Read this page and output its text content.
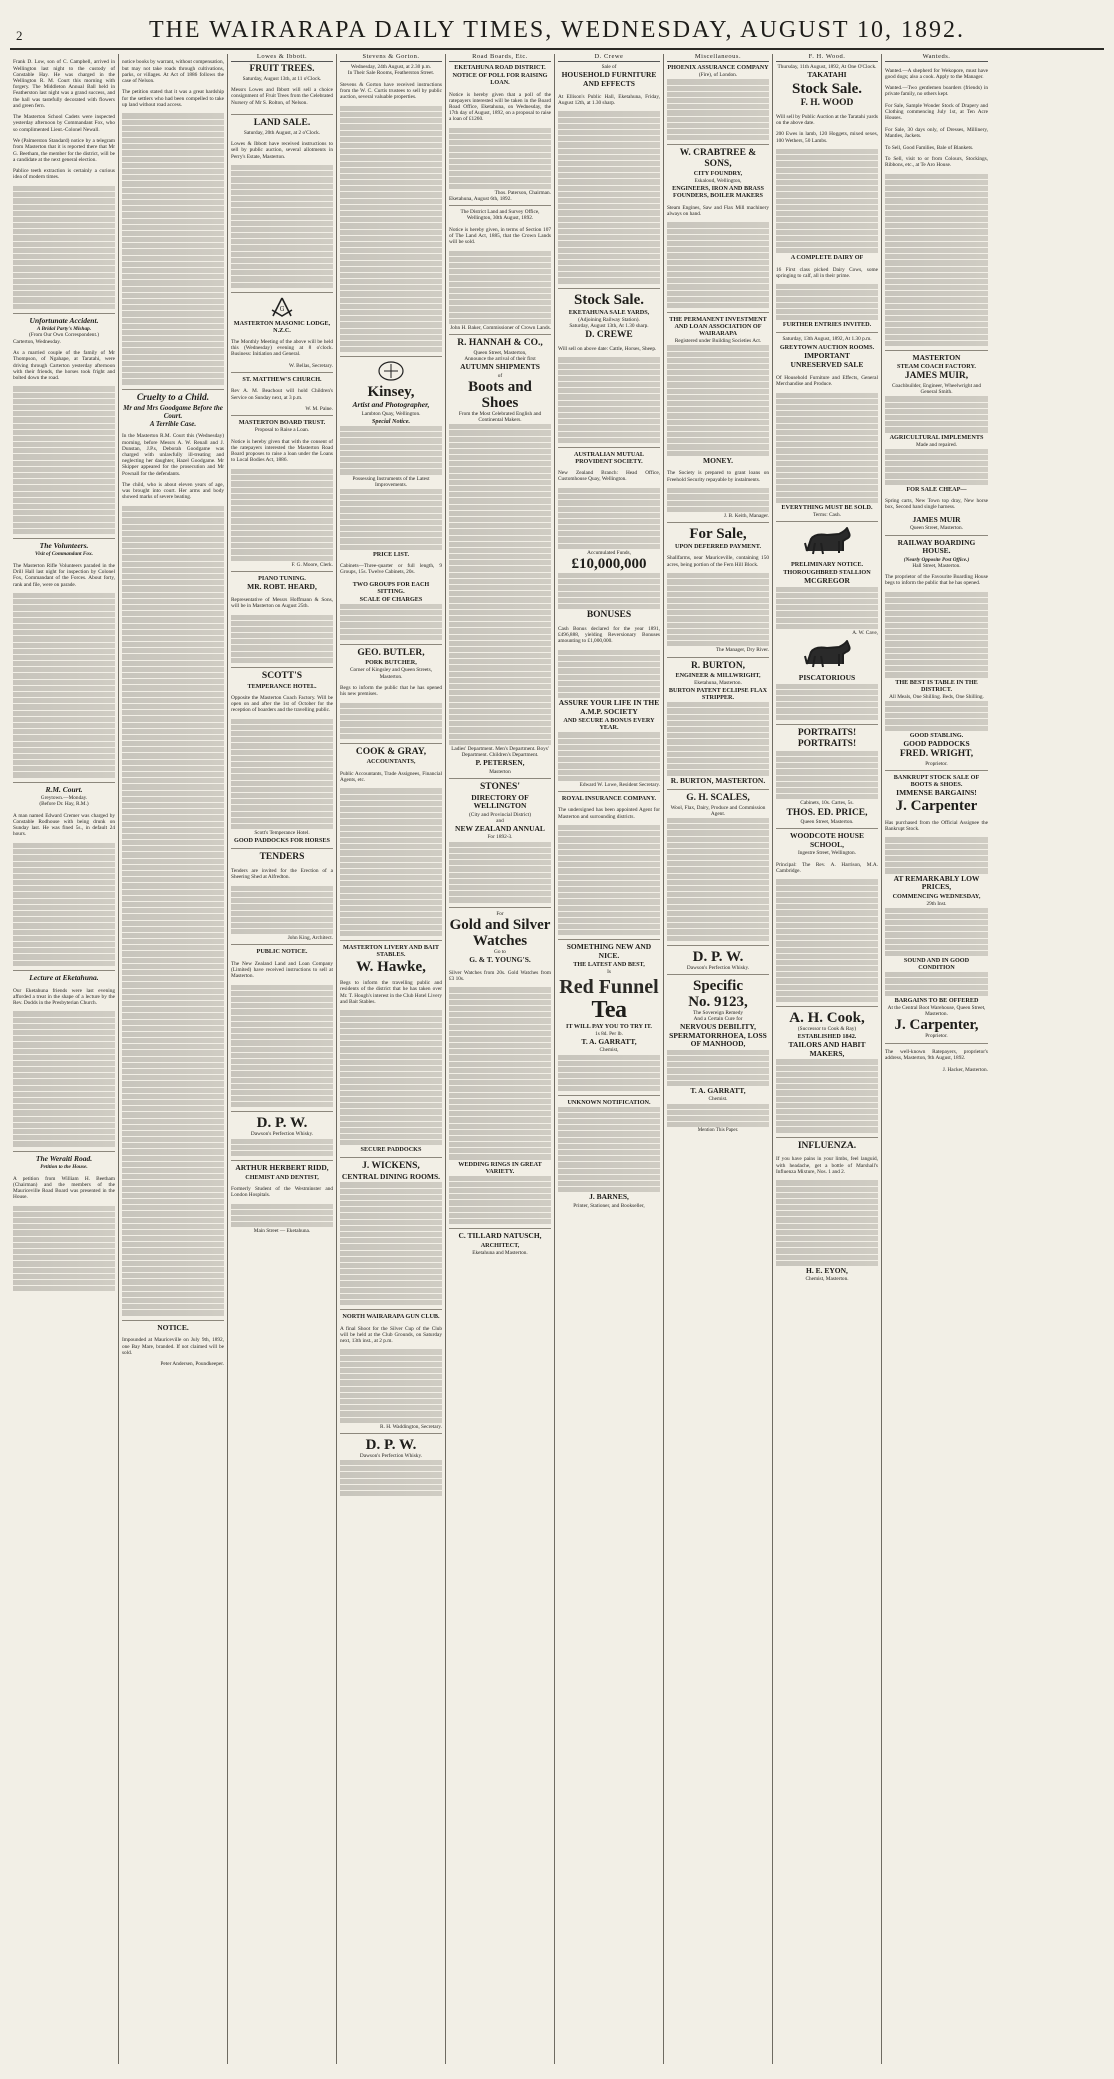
2	THE WAIRARAPA DAILY TIMES, WEDNESDAY, AUGUST 10, 1892.

Frank D. Low, son of C. Campbell, arrived in Wellington last night to the custody of Constable Hay. He was charged in the Wellington R. M. Court this morning with forgery. The Middleton Annual Ball held in Featherston last night was a grand success, and the hall was tastefully decorated with flowers and green fern.

The Masterton School Cadets were inspected yesterday afternoon by Commandant Fox, who so complimented Lieut.-Colonel Newall.

We (Palmerston Standard) notice by a telegram from Masterton that it is reported there that Mr G. Beetham, the member for the district, will be a candidate at the next general election.

Pablice teeth extraction is certainly a curious idea of modern times.

Unfortunate Accident.
A Bridal Party's Mishap.
(From Our Own Correspondent.)
Carterton, Wednesday.

As a married couple of the family of Mr Thompson, of Ngahape, at Taratahi, were driving through Carterton yesterday afternoon with their friends, the horses took fright and bolted down the road.

The Volunteers.
Visit of Commandant Fox.

The Masterton Rifle Volunteers paraded in the Drill Hall last night for inspection by Colonel Fox, Commandant of the Forces. About forty, rank and file, were on parade.

R.M. Court.
Greytown.—Monday.
(Before Dr. Hay, R.M.)

A man named Edward Cremer was charged by Constable Rodhouse with being drunk on Sunday last. He was fined 5s., in default 24 hours.

Lecture at Eketahuna.

Our Eketahuna friends were last evening afforded a treat in the shape of a lecture by the Rev. Dodds in the Presbyterian Church.

The Weraiti Road.
Petition to the House.

A petition from William H. Beetham (Chairman) and the members of the Mauriceville Road Board was presented in the House.

notice books by warrant, without compensation, but may not take roads through cultivations, parks, or villages. At Act of 1886 follows the case of Nelson.

The petition stated that it was a great hardship for the settlers who had been compelled to take up land without road access.

Cruelty to a Child.
Mr and Mrs Goodgame Before the Court.
A Terrible Case.

In the Masterton R.M. Court this (Wednesday) morning, before Messrs A. W. Renall and J. Dunstan, J.P.s, Deborah Goodgame was charged with unlawfully ill-treating and neglecting her daughter, Hazel Goodgame. Mr Skipper appeared for the prosecution and Mr Pownall for the defendants.

The child, who is about eleven years of age, was brought into court. Her arms and body showed marks of severe beating.

NOTICE.

Impounded at Mauriceville on July 9th, 1892, one Bay Mare, branded. If not claimed will be sold.

Peter Andersen, Poundkeeper.
Lowes & Ibbott.
FRUIT TREES.
Saturday, August 13th, at 11 o'Clock.

Messrs Lowes and Ibbott will sell a choice consignment of Fruit Trees from the Celebrated Nursery of Mr S. Rolton, of Nelson.

LAND SALE.
Saturday, 20th August, at 2 o'Clock.

Lowes & Ibbott have received instructions to sell by public auction, several allotments in Perry's Estate, Masterton.

G
MASTERTON MASONIC LODGE, N.Z.C.

The Monthly Meeting of the above will be held this (Wednesday) evening at 8 o'clock. Business: Initiation and General.

W. Bellas, Secretary.
ST. MATTHEW'S CHURCH.

Rev A. M. Beachout will hold Children's Service on Sunday next, at 3 p.m.

W. M. Paine.
MASTERTON BOARD TRUST.
Proposal to Raise a Loan.

Notice is hereby given that with the consent of the ratepayers interested the Masterton Road Board proposes to raise a loan under the Loans to Local Bodies Act, 1886.

F. G. Moore, Clerk.
PIANO TUNING.
MR. ROBT. HEARD,

Representative of Messrs Hoffmann & Sons, will be in Masterton on August 25th.

SCOTT'S
TEMPERANCE HOTEL.

Opposite the Masterton Coach Factory. Will be open on and after the 1st of October for the reception of boarders and the travelling public.

Scott's Temperance Hotel.
GOOD PADDOCKS FOR HORSES
TENDERS

Tenders are invited for the Erection of a Sheering Shed at Alfredton.

John King, Architect.
PUBLIC NOTICE.

The New Zealand Land and Loan Company (Limited) have received instructions to sell at Masterton.

D. P. W.
Dawson's Perfection Whisky.
ARTHUR HERBERT RIDD,
CHEMIST AND DENTIST,

Formerly Student of the Westminster and London Hospitals.

Main Street — Eketahuna.
Stevens & Gorton.
Wednesday, 24th August, at 2.30 p.m.
In Their Sale Rooms, Featherston Street.

Stevens & Gorton have received instructions from the W. C. Curtis trustees to sell by public auction, several valuable properties.

Kinsey,
Artist and Photographer,
Lambton Quay, Wellington.
Special Notice.
Possessing Instruments of the Latest Improvements.
PRICE LIST.

Cabinets—Three-quarter or full length, 9 Groups, 15s. Twelve Cabinets, 20s.

TWO GROUPS FOR EACH SITTING.
SCALE OF CHARGES
GEO. BUTLER,
PORK BUTCHER,
Corner of Kingsley and Queen Streets, Masterton.

Begs to inform the public that he has opened his new premises.

COOK & GRAY,
ACCOUNTANTS,

Public Accountants, Trade Assignees, Financial Agents, etc.

MASTERTON LIVERY AND BAIT STABLES.
W. Hawke,

Begs to inform the travelling public and residents of the district that he has taken over Mr. T. Hough's interest in the Club Hotel Livery and Bait Stables.

SECURE PADDOCKS
J. WICKENS,
CENTRAL DINING ROOMS.
NORTH WAIRARAPA GUN CLUB.

A final Shoot for the Silver Cup of the Club will be held at the Club Grounds, on Saturday next, 13th inst., at 2 p.m.

R. H. Waddington, Secretary.
D. P. W.
Dawson's Perfection Whisky.
Road Boards, Etc.
EKETAHUNA ROAD DISTRICT.
NOTICE OF POLL FOR RAISING LOAN.

Notice is hereby given that a poll of the ratepayers interested will be taken in the Board Road Office, Eketahuna, on Wednesday, the 17th day of August, 1892, on a proposal to raise a loan of £1260.

Thos. Paterson, Chairman.
Eketahuna, August 6th, 1892.
The District Land and Survey Office,
Wellington, 30th August, 1892.

Notice is hereby given, in terms of Section 107 of The Land Act, 1885, that the Crown Lands will be sold.

John H. Baker, Commissioner of Crown Lands.
R. HANNAH & CO.,
Queen Street, Masterton,
Announce the arrival of their first
AUTUMN SHIPMENTS
of
Boots and Shoes
From the Most Celebrated English and Continental Makers.
Ladies' Department. Men's Department. Boys' Department. Children's Department.
P. PETERSEN,
Masterton
STONES'
DIRECTORY OF WELLINGTON
(City and Provincial District)
and
NEW ZEALAND ANNUAL
For 1892-3.
For
Gold and Silver
Watches
Go to
G. & T. YOUNG'S.

Silver Watches from 20s. Gold Watches from £3 10s.

WEDDING RINGS IN GREAT VARIETY.
C. TILLARD NATUSCH,
ARCHITECT,
Eketahuna and Masterton.
D. Crewe
Sale of
HOUSEHOLD FURNITURE AND EFFECTS

At Ellison's Public Hall, Eketahuna, Friday, August 12th, at 1.30 sharp.

Stock Sale.
EKETAHUNA SALE YARDS,
(Adjoining Railway Station).
Saturday, August 13th, At 1.30 sharp.
D. CREWE

Will sell on above date: Cattle, Horses, Sheep.

AUSTRALIAN MUTUAL PROVIDENT SOCIETY.

New Zealand Branch: Head Office, Customhouse Quay, Wellington.

Accumulated Funds,
£10,000,000
BONUSES

Cash Bonus declared for the year 1891, £496,888, yielding Reversionary Bonuses amounting to £1,000,000.

ASSURE YOUR LIFE IN THE A.M.P. SOCIETY
AND SECURE A BONUS EVERY YEAR.
Edward W. Lowe, Resident Secretary.
ROYAL INSURANCE COMPANY.

The undersigned has been appointed Agent for Masterton and surrounding districts.

SOMETHING NEW AND NICE.
THE LATEST AND BEST,
Is
Red Funnel
Tea
IT WILL PAY YOU TO TRY IT.
1s 8d. Per lb.
T. A. GARRATT,
Chemist,
UNKNOWN NOTIFICATION.
J. BARNES,
Printer, Stationer, and Bookseller,
Miscellaneous.
PHOENIX ASSURANCE COMPANY
(Fire), of London.
W. CRABTREE & SONS,
CITY FOUNDRY,
Eskaloud, Wellington,
ENGINEERS, IRON AND BRASS FOUNDERS, BOILER MAKERS

Steam Engines, Saw and Flax Mill machinery always on hand.

THE PERMANENT INVESTMENT AND LOAN ASSOCIATION OF WAIRARAPA
Registered under Building Societies Act.
MONEY.

The Society is prepared to grant loans on Freehold Security repayable by instalments.

J. B. Keith, Manager.
For Sale,
UPON DEFERRED PAYMENT.

Shallfarms, near Mauriceville, containing 150 acres, being portion of the Fern Hill Block.

The Manager, Dry River.
R. BURTON,
ENGINEER & MILLWRIGHT,
Eketahuna, Masterton.
BURTON PATENT ECLIPSE FLAX STRIPPER.
R. BURTON, MASTERTON.
G. H. SCALES,
Wool, Flax, Dairy, Produce and Commission Agent.
D. P. W.
Dawson's Perfection Whisky.
Specific
No. 9123,
The Sovereign Remedy
And a Certain Cure for
NERVOUS DEBILITY, SPERMATORRHOEA, LOSS OF MANHOOD,
T. A. GARRATT,
Chemist.
Mention This Paper.
F. H. Wood.
Thursday, 11th August, 1892, At One O'Clock.
TAKATAHI
Stock Sale.
F. H. WOOD

Will sell by Public Auction at the Taratahi yards on the above date.

200 Ewes in lamb, 120 Hoggets, mixed sexes, 100 Wethers, 50 Lambs.

A COMPLETE DAIRY OF

16 First class picked Dairy Cows, some springing to calf, all in their prime.

FURTHER ENTRIES INVITED.
Saturday, 13th August, 1892, At 1.30 p.m.
GREYTOWN AUCTION ROOMS.
IMPORTANT
UNRESERVED SALE

Of Household Furniture and Effects, General Merchandise and Produce.

EVERYTHING MUST BE SOLD.
Terms: Cash.
PRELIMINARY NOTICE.
THOROUGHBRED STALLION
MCGREGOR
A. W. Cave,
PISCATORIOUS
PORTRAITS!
PORTRAITS!
Cabinets, 10s. Cartes, 5s.
THOS. ED. PRICE,
Queen Street, Masterton.
WOODCOTE HOUSE SCHOOL,
Ingestre Street, Wellington.

Principal: The Rev. A. Harrison, M.A. Cambridge.

A. H. Cook,
(Successor to Cook & Ray)
ESTABLISHED 1842.
TAILORS AND HABIT MAKERS,
INFLUENZA.

If you have pains in your limbs, feel languid, with headache, get a bottle of Marshall's Influenza Mixture, Nos. 1 and 2.

H. E. EYON,
Chemist, Masterton.
Wanteds.

Wanted.—A shepherd for Wekopore, must have good dogs; also a cook. Apply to the Manager.

Wanted.—Two gentlemen boarders (friends) in private family, no others kept.

For Sale, Sample Wonder Stock of Drapery and Clothing commencing July 1st, at Ten Acre Houses.

For Sale, 30 days only, of Dresses, Millinery, Mantles, Jackets.

To Sell, Good Families, Bale of Blankets.

To Sell, visit to or from Colours, Stockings, Ribbons, etc., at Te Aro House.

MASTERTON
STEAM COACH FACTORY.
JAMES MUIR,
Coachbuilder, Engineer, Wheelwright and General Smith.
AGRICULTURAL IMPLEMENTS
Made and repaired.
FOR SALE CHEAP—

Spring carts, New Town top dray, New horse box, Second hand single harness.

JAMES MUIR
Queen Street, Masterton.
RAILWAY BOARDING HOUSE.
(Nearly Opposite Post Office.)
Hall Street, Masterton.

The proprietor of the Favourite Boarding House begs to inform the public that he has opened.

THE BEST IS TABLE IN THE DISTRICT.
All Meals, One Shilling. Beds, One Shilling.
GOOD STABLING.
GOOD PADDOCKS
FRED. WRIGHT,
Proprietor.
BANKRUPT STOCK SALE OF BOOTS & SHOES.
IMMENSE BARGAINS!
J. Carpenter

Has purchased from the Official Assignee the Bankrupt Stock.

AT REMARKABLY LOW PRICES,
COMMENCING WEDNESDAY,
29th Inst.
SOUND AND IN GOOD CONDITION
BARGAINS TO BE OFFERED
At the Central Boot Warehouse, Queen Street, Masterton.
J. Carpenter,
Proprietor.

The well-known Ratepayers, proprietor's address, Masterton, 9th August, 1892.

J. Hacker, Masterton.
